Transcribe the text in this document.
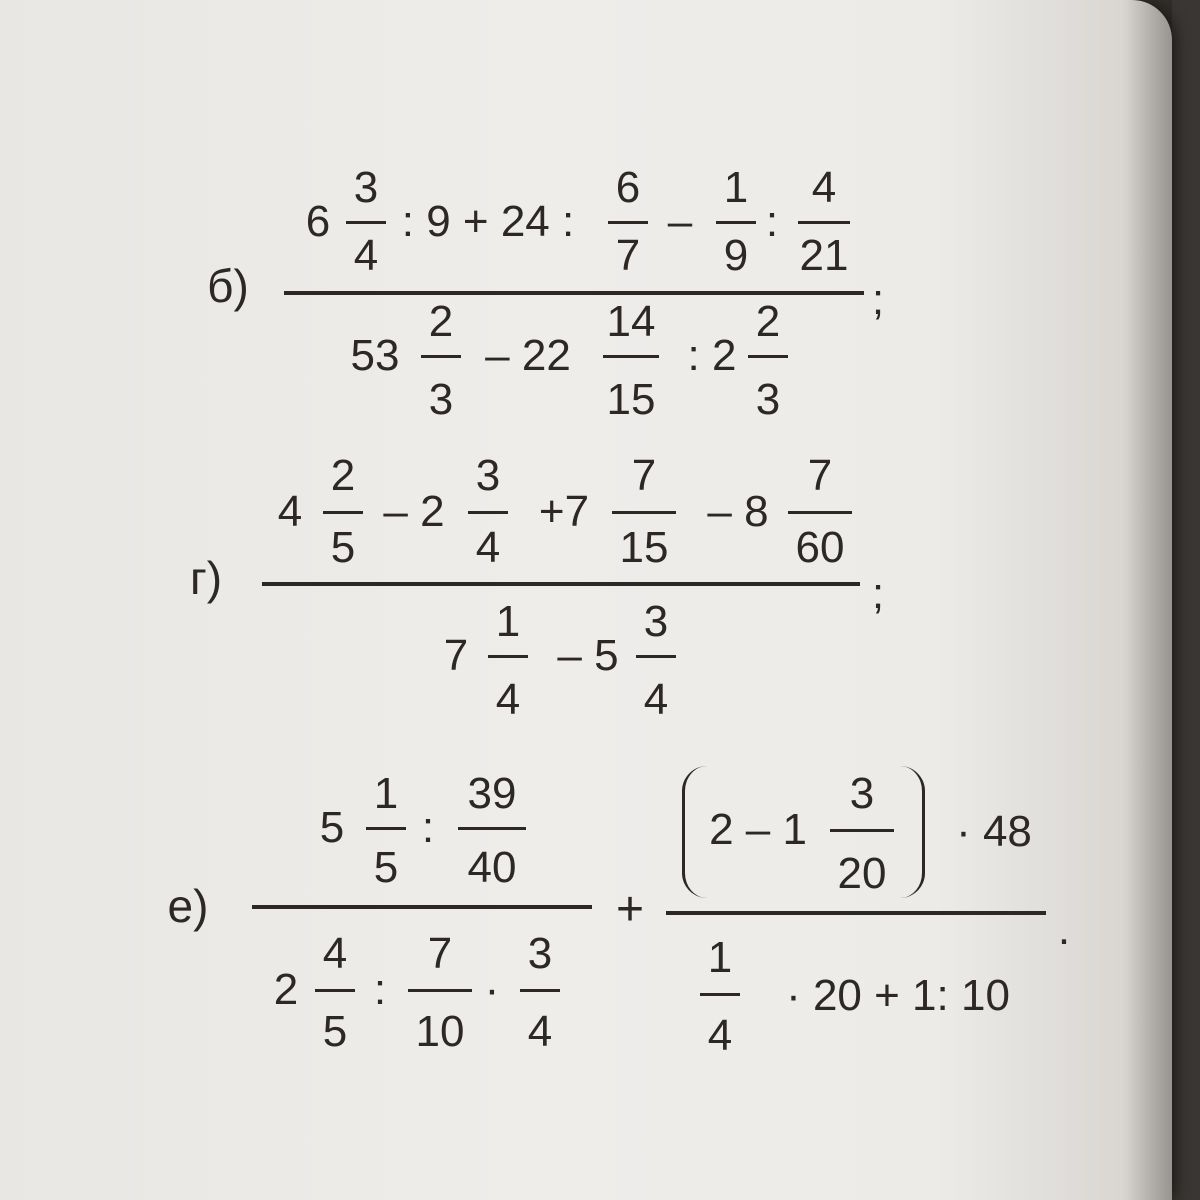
б)
6
3
4
: 9 + 24 :
6
7
–
1
9
:
4
21
;
53
2
3
– 22
14
15
: 2
2
3
г)
4
2
5
– 2
3
4
+7
7
15
– 8
7
60
;
7
1
4
– 5
3
4
е)
5
1
5
:
39
40
2
4
5
:
7
10
·
3
4
+
2 – 1
3
20
· 48
.
1
4
· 20 + 1: 10
